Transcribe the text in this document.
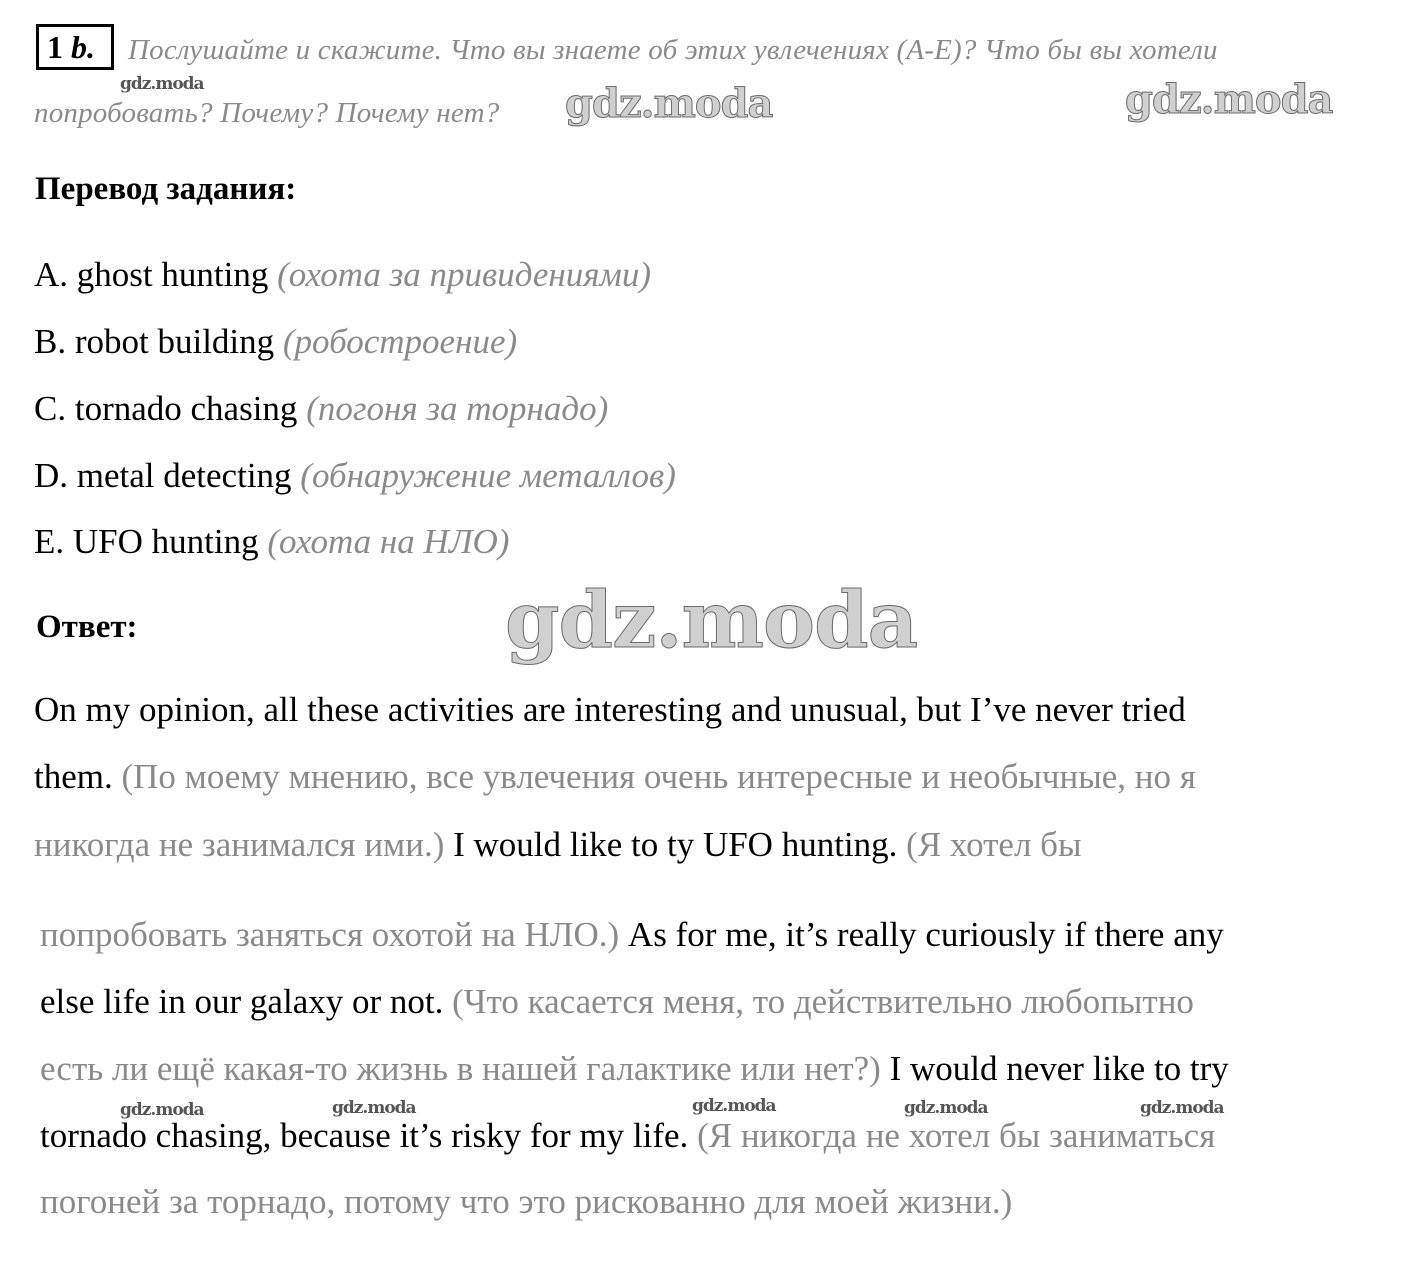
1 b.	Послушайте и скажите. Что вы знаете об этих увлечениях (A-E)? Что бы вы хотели
попробовать? Почему? Почему нет?
Перевод задания:
A. ghost hunting (охота за привидениями)
B. robot building (робостроение)
C. tornado chasing (погоня за торнадо)
D. metal detecting (обнаружение металлов)
E. UFO hunting (охота на НЛО)
Ответ:
On my opinion, all these activities are interesting and unusual, but I’ve never tried
them. (По моему мнению, все увлечения очень интересные и необычные, но я
никогда не занимался ими.) I would like to ty UFO hunting. (Я хотел бы
попробовать заняться охотой на НЛО.) As for me, it’s really curiously if there any
else life in our galaxy or not. (Что касается меня, то действительно любопытно
есть ли ещё какая-то жизнь в нашей галактике или нет?) I would never like to try
tornado chasing, because it’s risky for my life. (Я никогда не хотел бы заниматься
погоней за торнадо, потому что это рискованно для моей жизни.)
gdz.moda	gdz.moda	gdz.moda
gdz.moda
gdz.moda	gdz.moda	gdz.moda	gdz.moda	gdz.moda
